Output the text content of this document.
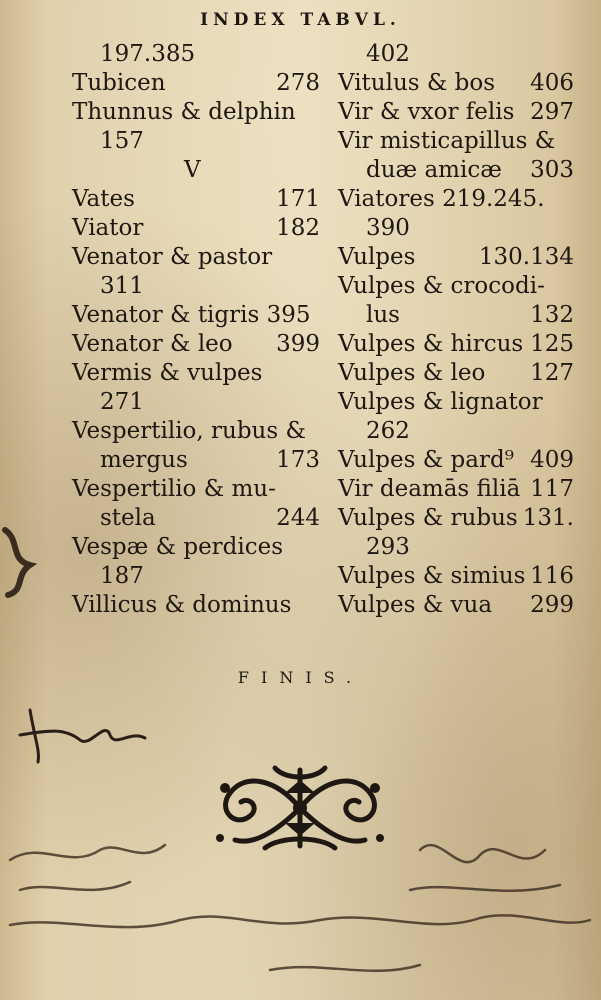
INDEX TABVL.
197.385
Tubicen	278
Thunnus & delphin
157
V
Vates	171
Viator	182
Venator & pastor
311
Venator & tigris 395
Venator & leo 399
Vermis & vulpes
271
Vespertilio, rubus &
mergus	173
Vespertilio & mu-
stela	244
Vespæ & perdices
187
Villicus & dominus
402
Vitulus & bos 406
Vir & vxor felis 297
Vir misticapillus &
duæ amicæ 303
Viatores 219.245.
390
Vulpes	130.134
Vulpes & crocodi-
lus	132
Vulpes & hircus 125
Vulpes & leo 127
Vulpes & lignator
262
Vulpes & pard⁹ 409
Vir deamās filiā 117
Vulpes & rubus 131.
293
Vulpes & simius 116
Vulpes & vua 299
FINIS.
